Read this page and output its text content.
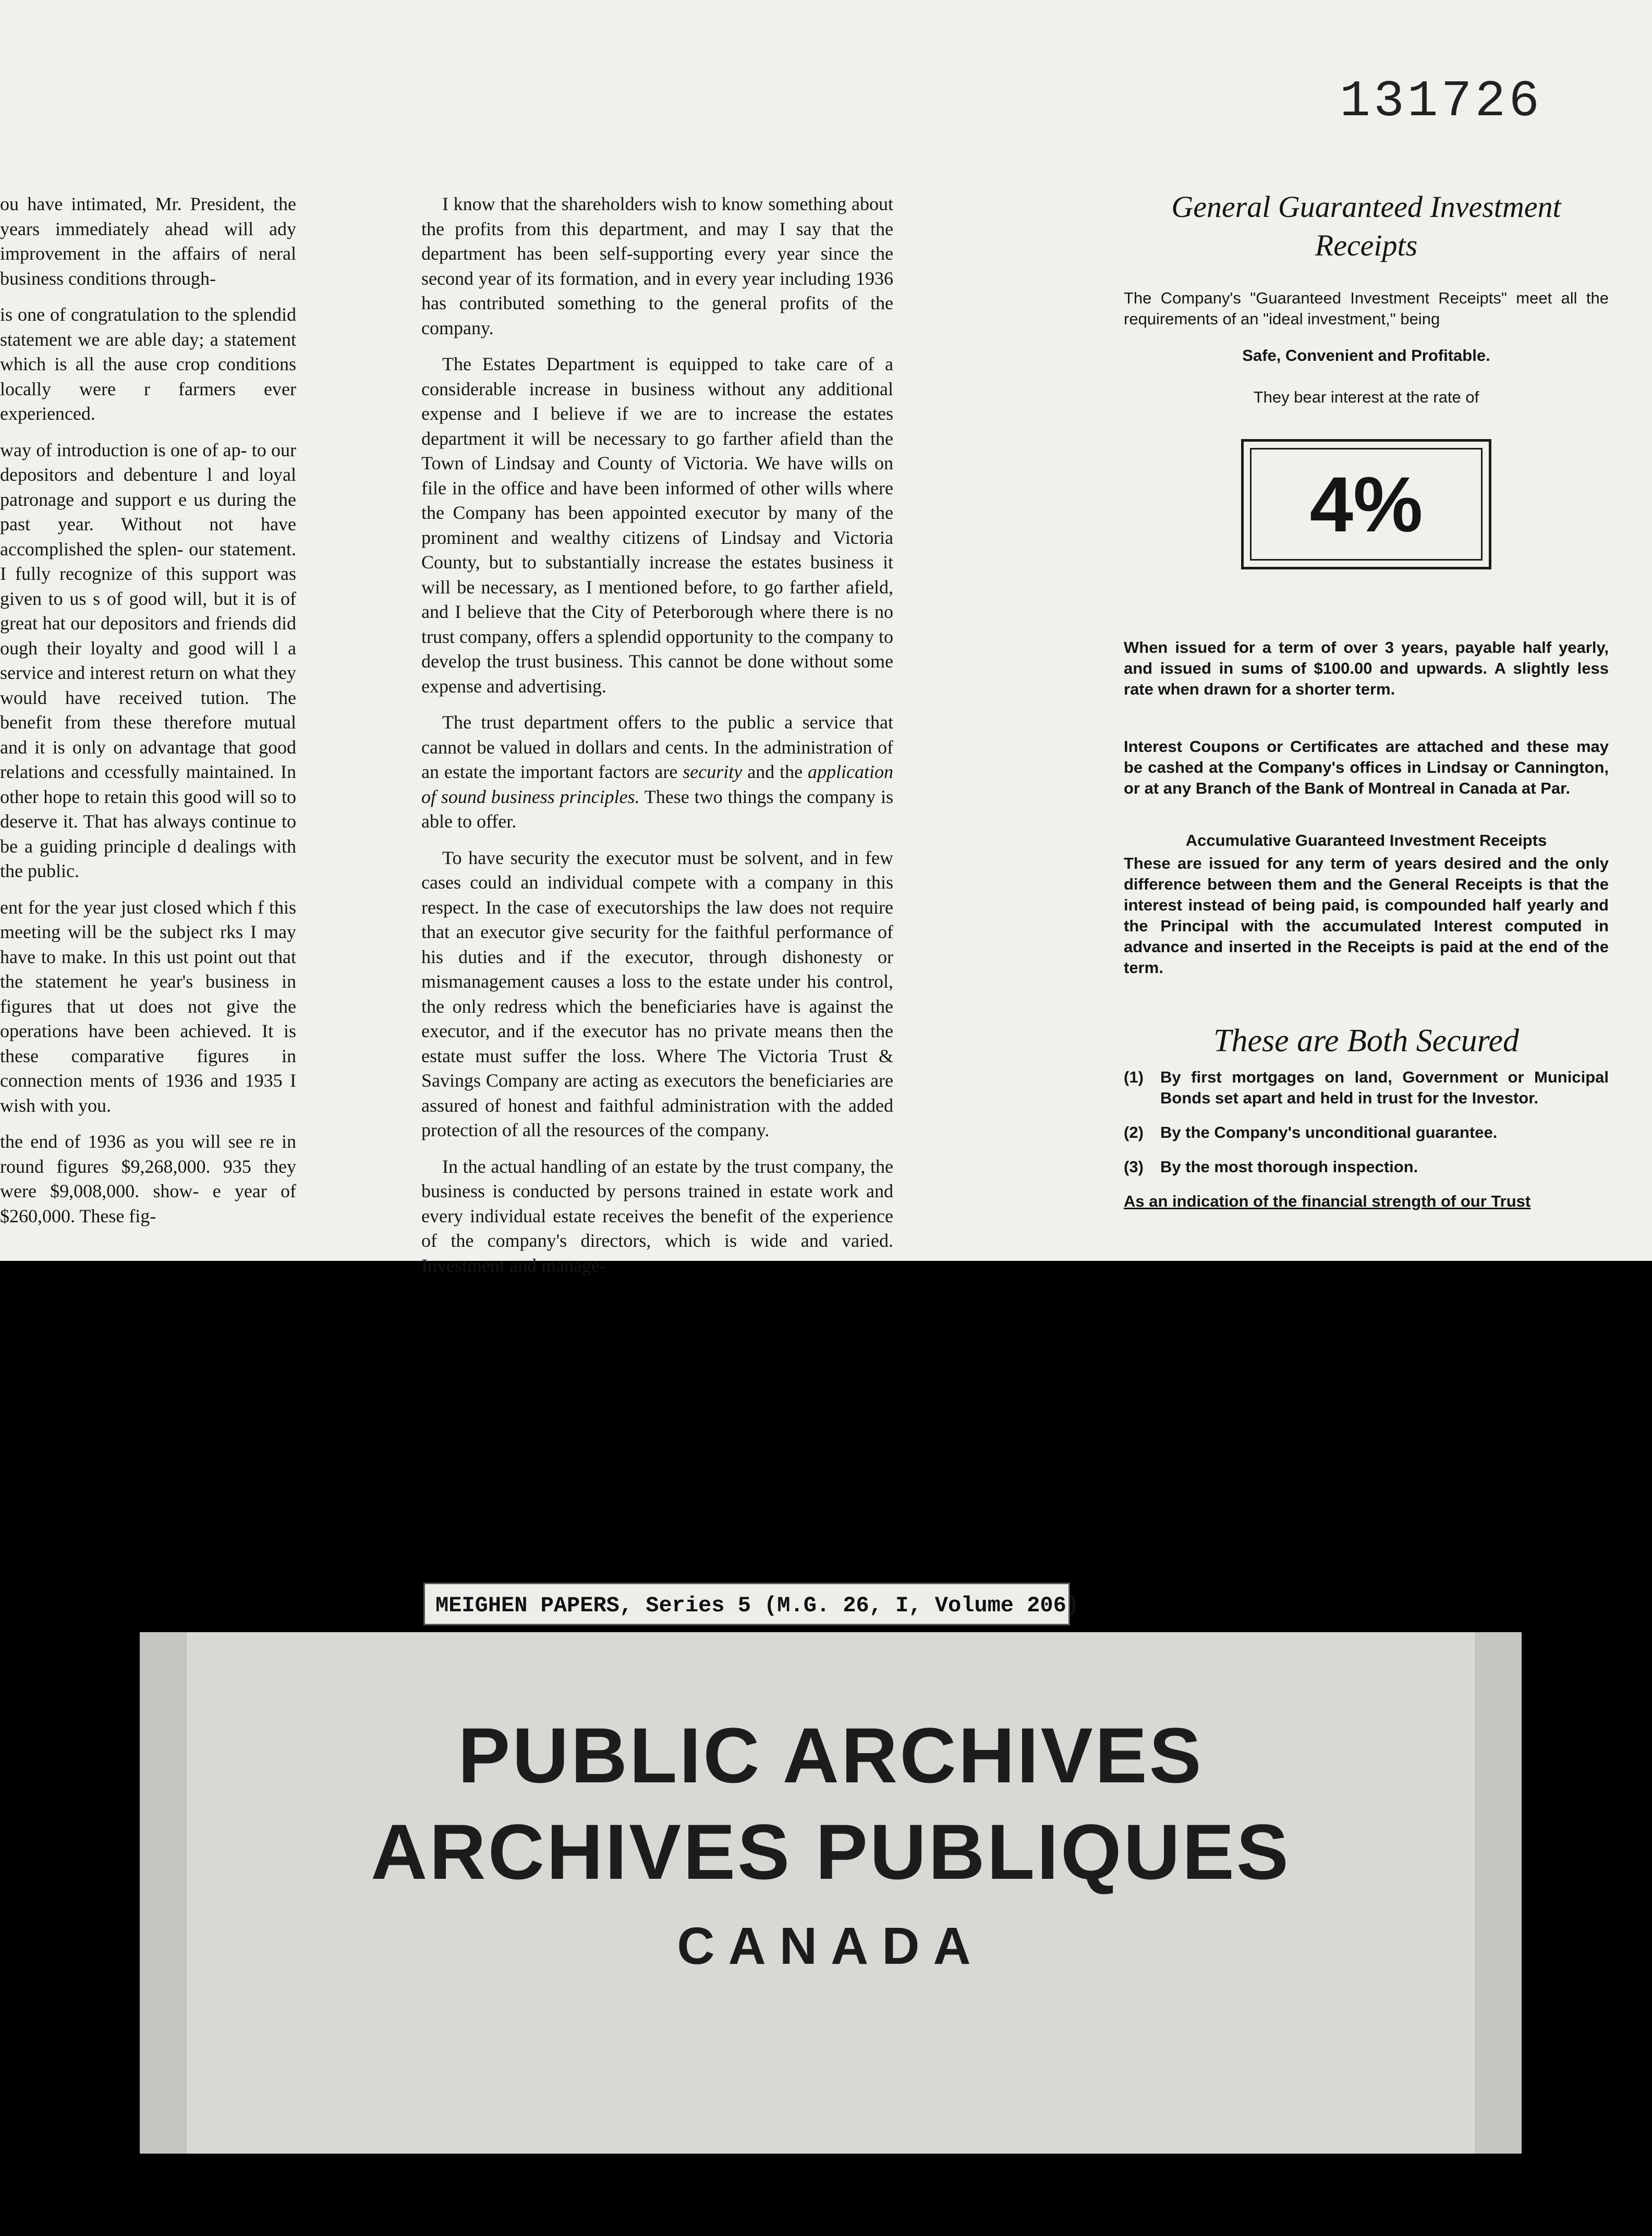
131726

ou have intimated, Mr. President, the years immediately ahead will ady improvement in the affairs of neral business conditions through-

is one of congratulation to the splendid statement we are able day; a statement which is all the ause crop conditions locally were r farmers ever experienced.

way of introduction is one of ap- to our depositors and debenture l and loyal patronage and support e us during the past year. Without not have accomplished the splen- our statement. I fully recognize of this support was given to us s of good will, but it is of great hat our depositors and friends did ough their loyalty and good will l a service and interest return on what they would have received tution. The benefit from these therefore mutual and it is only on advantage that good relations and ccessfully maintained. In other hope to retain this good will so to deserve it. That has always continue to be a guiding principle d dealings with the public.

ent for the year just closed which f this meeting will be the subject rks I may have to make. In this ust point out that the statement he year's business in figures that ut does not give the operations have been achieved. It is these comparative figures in connection ments of 1936 and 1935 I wish with you.

the end of 1936 as you will see re in round figures $9,268,000. 935 they were $9,008,000. show- e year of $260,000. These fig-

I know that the shareholders wish to know something about the profits from this department, and may I say that the department has been self-supporting every year since the second year of its formation, and in every year including 1936 has contributed something to the general profits of the company.

The Estates Department is equipped to take care of a considerable increase in business without any additional expense and I believe if we are to increase the estates department it will be necessary to go farther afield than the Town of Lindsay and County of Victoria. We have wills on file in the office and have been informed of other wills where the Company has been appointed executor by many of the prominent and wealthy citizens of Lindsay and Victoria County, but to substantially increase the estates business it will be necessary, as I mentioned before, to go farther afield, and I believe that the City of Peterborough where there is no trust company, offers a splendid opportunity to the company to develop the trust business. This cannot be done without some expense and advertising.

The trust department offers to the public a service that cannot be valued in dollars and cents. In the administration of an estate the important factors are security and the application of sound business principles. These two things the company is able to offer.

To have security the executor must be solvent, and in few cases could an individual compete with a company in this respect. In the case of executorships the law does not require that an executor give security for the faithful performance of his duties and if the executor, through dishonesty or mismanagement causes a loss to the estate under his control, the only redress which the beneficiaries have is against the executor, and if the executor has no private means then the estate must suffer the loss. Where The Victoria Trust & Savings Company are acting as executors the beneficiaries are assured of honest and faithful administration with the added protection of all the resources of the company.

In the actual handling of an estate by the trust company, the business is conducted by persons trained in estate work and every individual estate receives the benefit of the experience of the company's directors, which is wide and varied. Investment and manage-

General Guaranteed Investment Receipts
The Company's "Guaranteed Investment Receipts" meet all the requirements of an "ideal investment," being
Safe, Convenient and Profitable.
They bear interest at the rate of
4%
When issued for a term of over 3 years, payable half yearly, and issued in sums of $100.00 and upwards. A slightly less rate when drawn for a shorter term.
Interest Coupons or Certificates are attached and these may be cashed at the Company's offices in Lindsay or Cannington, or at any Branch of the Bank of Montreal in Canada at Par.
Accumulative Guaranteed Investment Receipts
These are issued for any term of years desired and the only difference between them and the General Receipts is that the interest instead of being paid, is compounded half yearly and the Principal with the accumulated Interest computed in advance and inserted in the Receipts is paid at the end of the term.
These are Both Secured
(1)	By first mortgages on land, Government or Municipal Bonds set apart and held in trust for the Investor.
(2)	By the Company's unconditional guarantee.
(3)	By the most thorough inspection.
As an indication of the financial strength of our Trust
MEIGHEN PAPERS, Series 5 (M.G. 26, I, Volume 206)
PUBLIC ARCHIVES
ARCHIVES PUBLIQUES
CANADA
